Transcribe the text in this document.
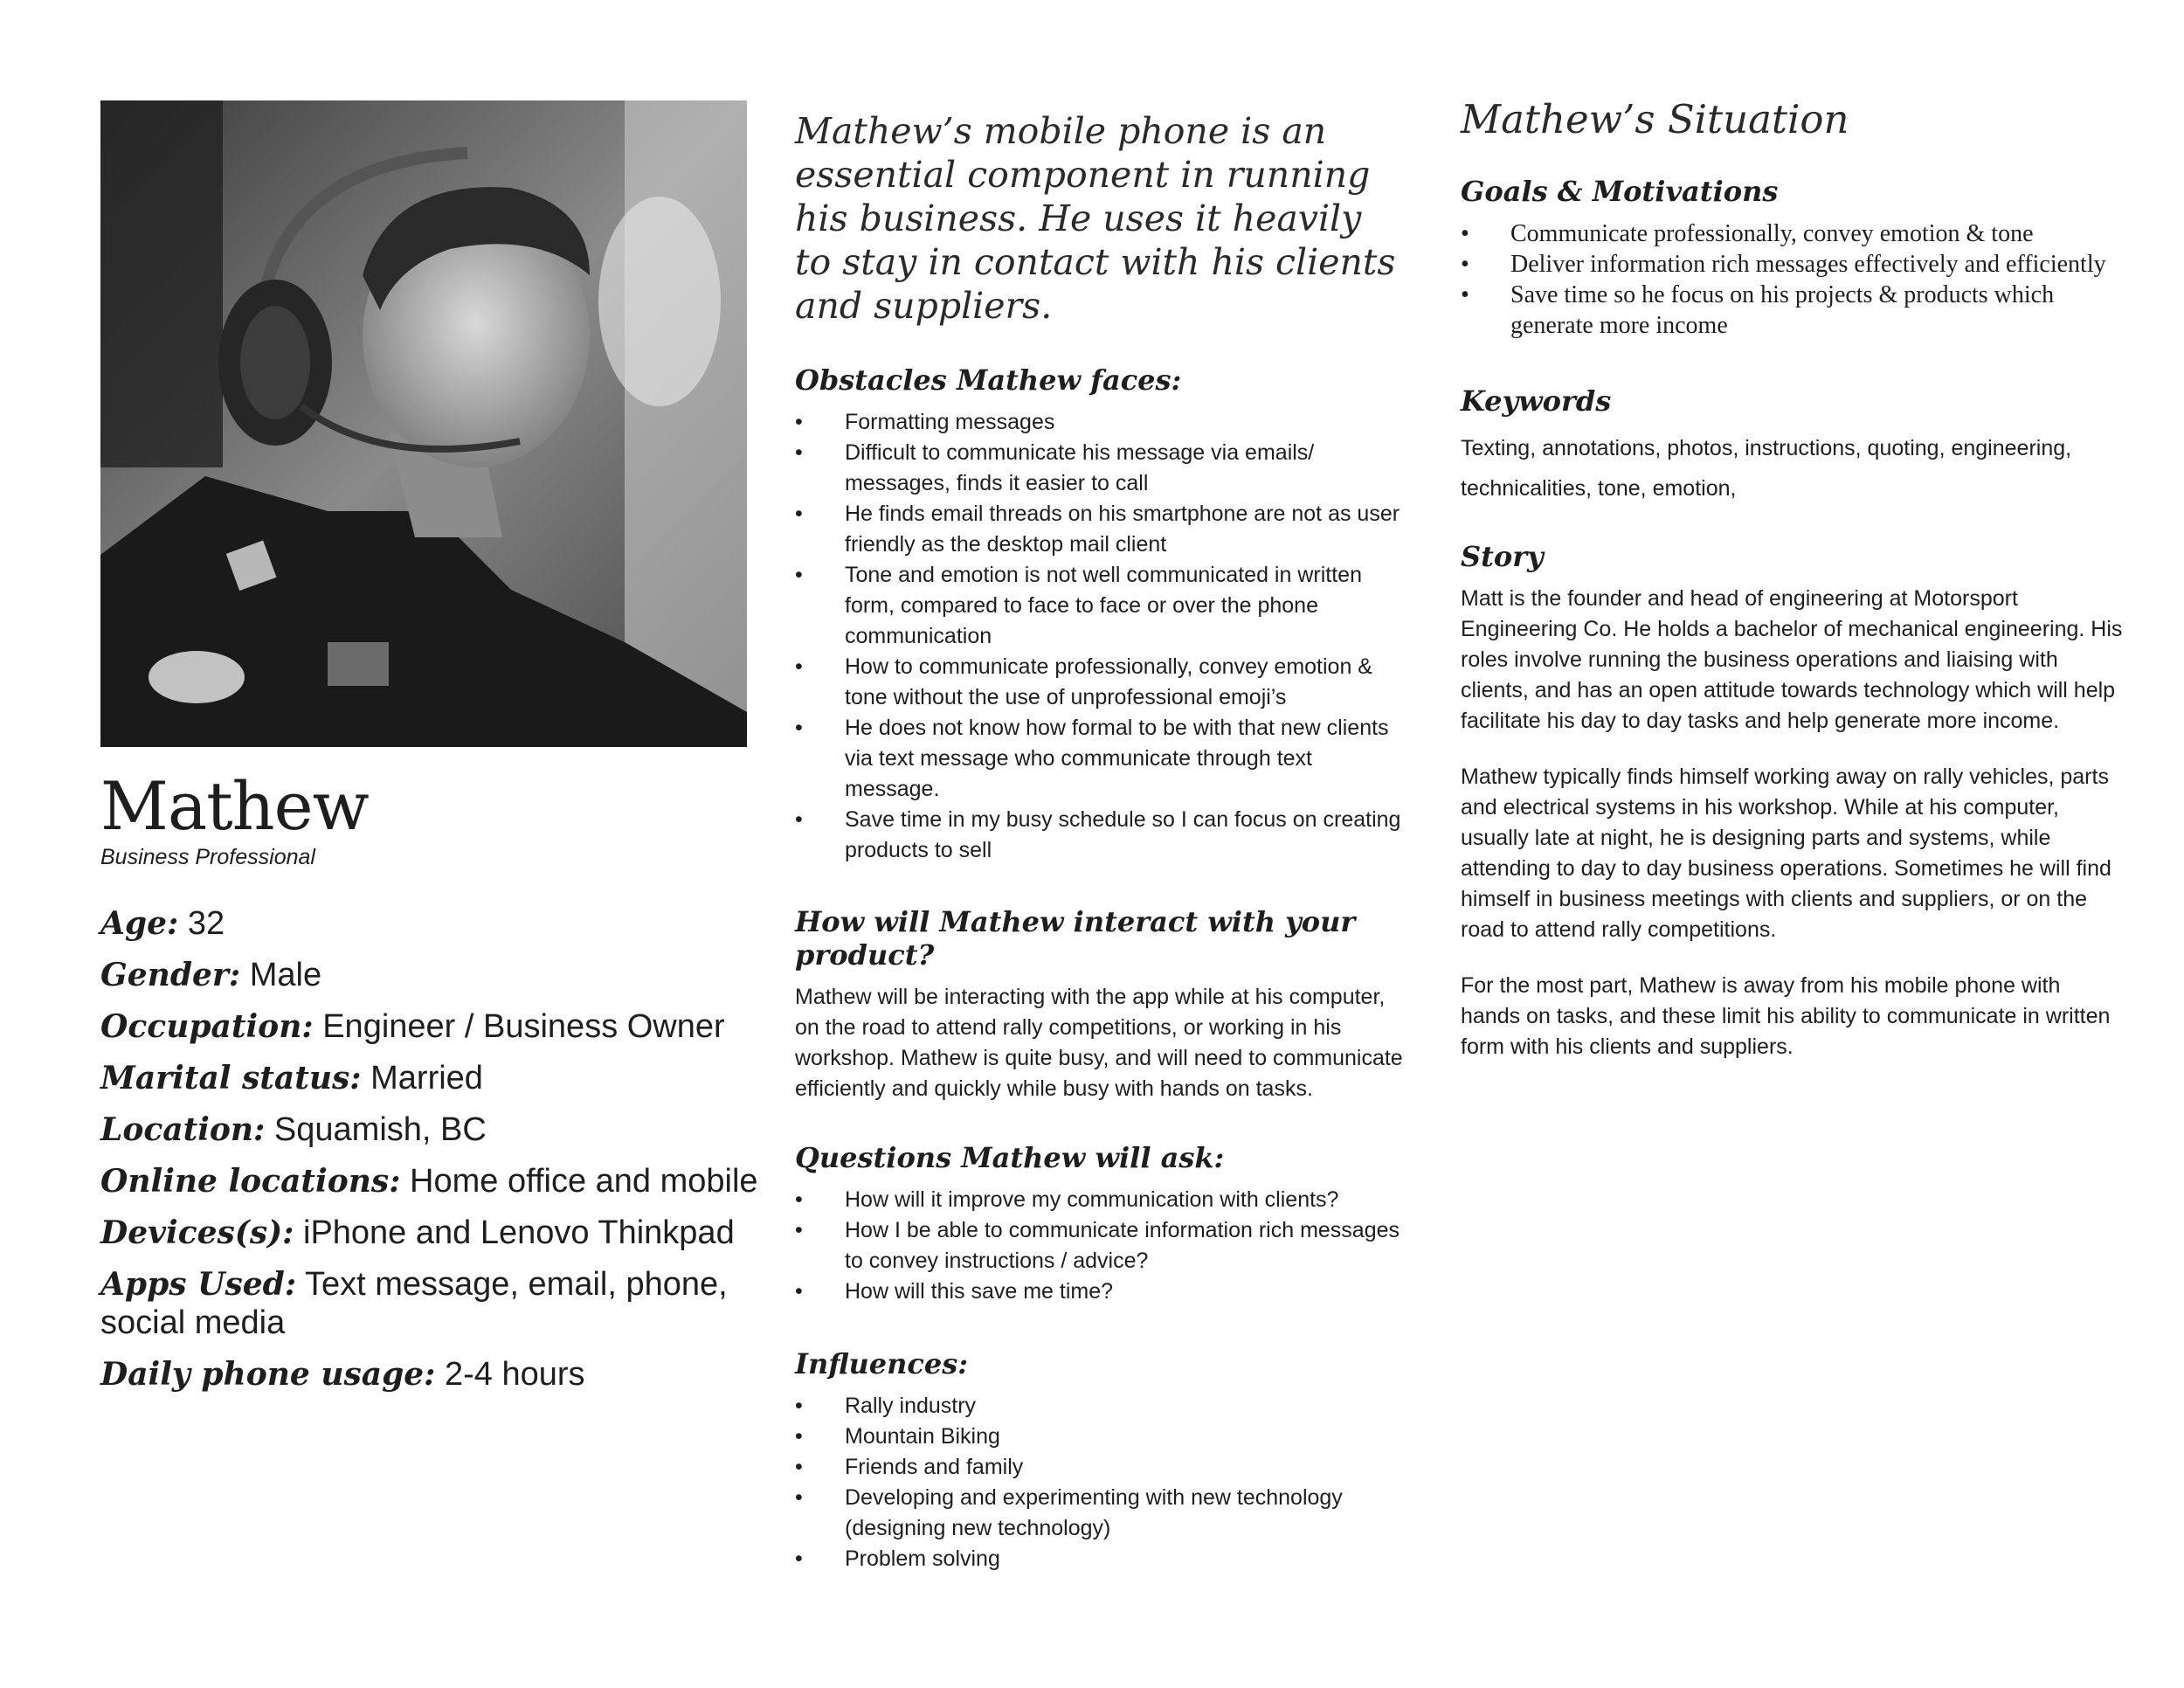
Mathew
Business Professional
Age: 32
Gender: Male
Occupation: Engineer / Business Owner
Marital status: Married
Location: Squamish, BC
Online locations: Home office and mobile
Devices(s): iPhone and Lenovo Thinkpad
Apps Used: Text message, email, phone, social media
Daily phone usage: 2-4 hours

Mathew’s mobile phone is an essential component in running his business. He uses it heavily to stay in contact with his clients and suppliers.

Obstacles Mathew faces:
• Formatting messages
• Difficult to communicate his message via emails/ messages, finds it easier to call
• He finds email threads on his smartphone are not as user friendly as the desktop mail client
• Tone and emotion is not well communicated in written form, compared to face to face or over the phone communication
• How to communicate professionally, convey emotion & tone without the use of unprofessional emoji’s
• He does not know how formal to be with that new clients via text message who communicate through text message.
• Save time in my busy schedule so I can focus on creating products to sell
How will Mathew interact with your product?

Mathew will be interacting with the app while at his computer, on the road to attend rally competitions, or working in his workshop. Mathew is quite busy, and will need to communicate efficiently and quickly while busy with hands on tasks.

Questions Mathew will ask:
• How will it improve my communication with clients?
• How I be able to communicate information rich messages to convey instructions / advice?
• How will this save me time?
Influences:
• Rally industry
• Mountain Biking
• Friends and family
• Developing and experimenting with new technology (designing new technology)
• Problem solving
Mathew’s Situation
Goals & Motivations
• Communicate professionally, convey emotion & tone
• Deliver information rich messages effectively and efficiently
• Save time so he focus on his projects & products which generate more income
Keywords

Texting, annotations, photos, instructions, quoting, engineering, technicalities, tone, emotion,

Story

Matt is the founder and head of engineering at Motorsport Engineering Co. He holds a bachelor of mechanical engineering. His roles involve running the business operations and liaising with clients, and has an open attitude towards technology which will help facilitate his day to day tasks and help generate more income.

Mathew typically finds himself working away on rally vehicles, parts and electrical systems in his workshop. While at his computer, usually late at night, he is designing parts and systems, while attending to day to day business operations. Sometimes he will find himself in business meetings with clients and suppliers, or on the road to attend rally competitions.

For the most part, Mathew is away from his mobile phone with hands on tasks, and these limit his ability to communicate in written form with his clients and suppliers.
